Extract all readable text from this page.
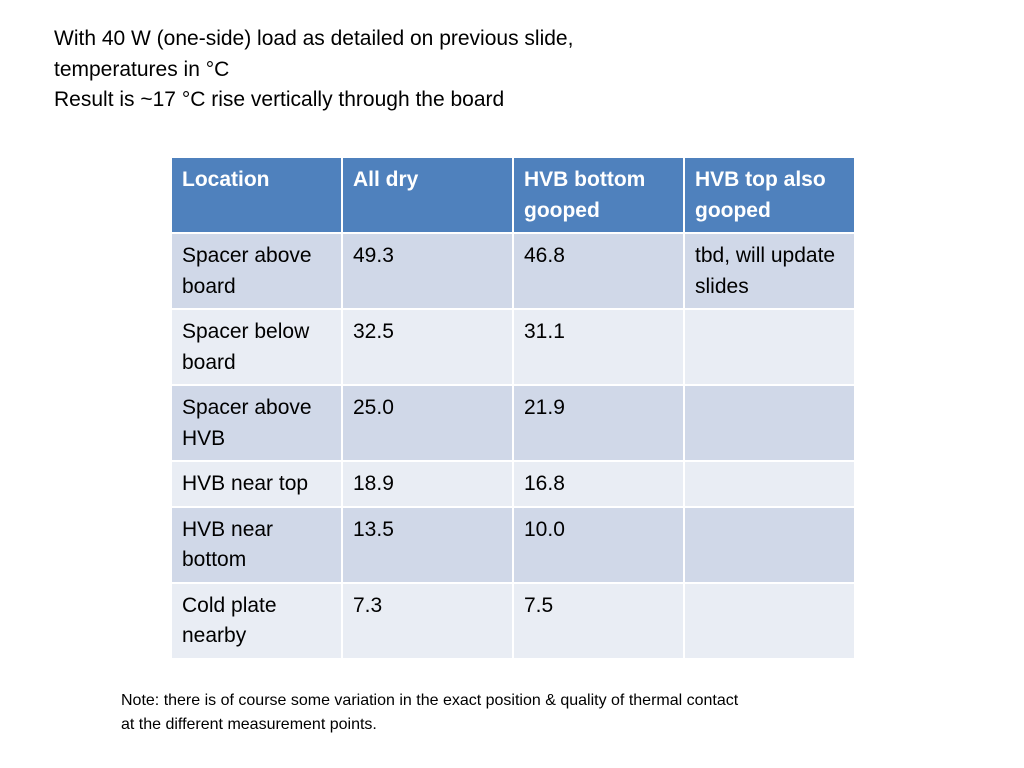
With 40 W (one-side) load as detailed on previous slide,
temperatures in °C
Result is ~17 °C rise vertically through the board
Location	All dry	HVB bottom gooped	HVB top also gooped
Spacer above board	49.3	46.8	tbd, will update slides
Spacer below board	32.5	31.1	
Spacer above HVB	25.0	21.9	
HVB near top	18.9	16.8	
HVB near bottom	13.5	10.0	
Cold plate nearby	7.3	7.5	
Note: there is of course some variation in the exact position & quality of thermal contact
at the different measurement points.
